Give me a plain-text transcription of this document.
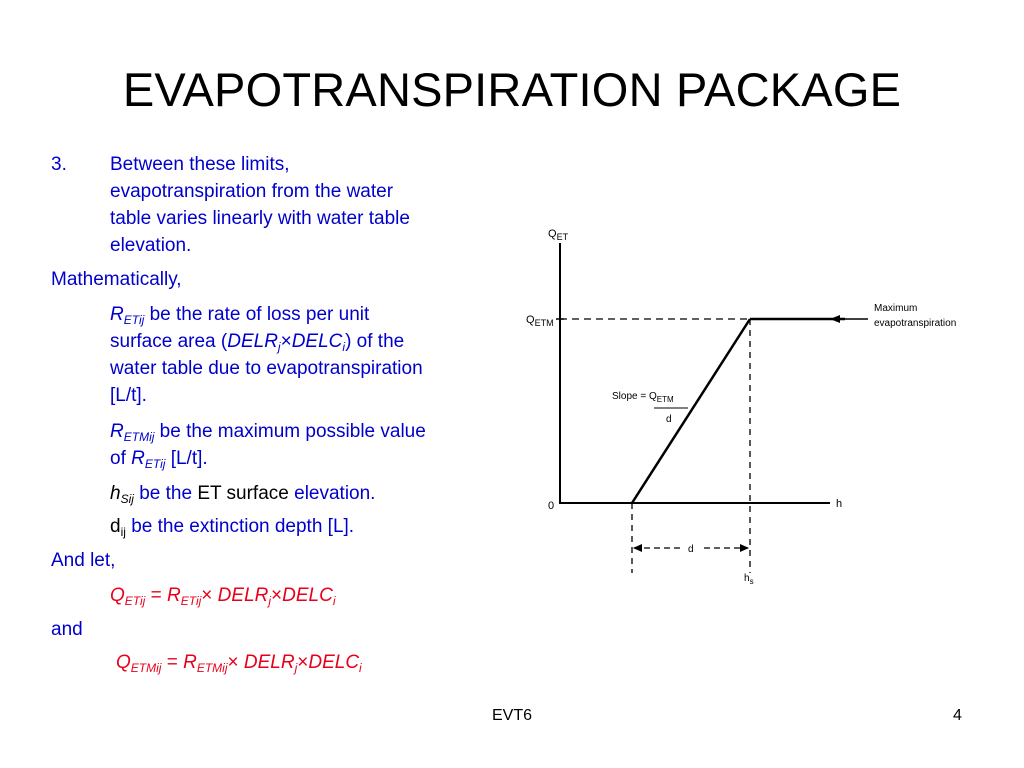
EVAPOTRANSPIRATION PACKAGE
3. Between these limits,
evapotranspiration from the water
table varies linearly with water table
elevation.
Mathematically,
$R_{ETij}$ be the rate of loss per unit
surface area $(DELR_j\times DELC_i)$ of the
water table due to evapotranspiration
[L/t].
$R_{ETMij}$ be the maximum possible value
of $R_{ETij}$ [L/t].
$h_{Sij}$ be the ET surface elevation.
$d_{ij}$ be the extinction depth [L].
And let,
$Q_{ETij} = R_{ETij}\times$ $DELR_j\times DELC_i$
and
$Q_{ETMij} = R_{ETMij}\times$ $DELR_j\times DELC_i$
$Q_{ET}$
$Q_{ETM}$
0	h
Maximum
evapotranspiration
Slope = $Q_{ETM}$
d
d
$h_s$
EVT6	4
